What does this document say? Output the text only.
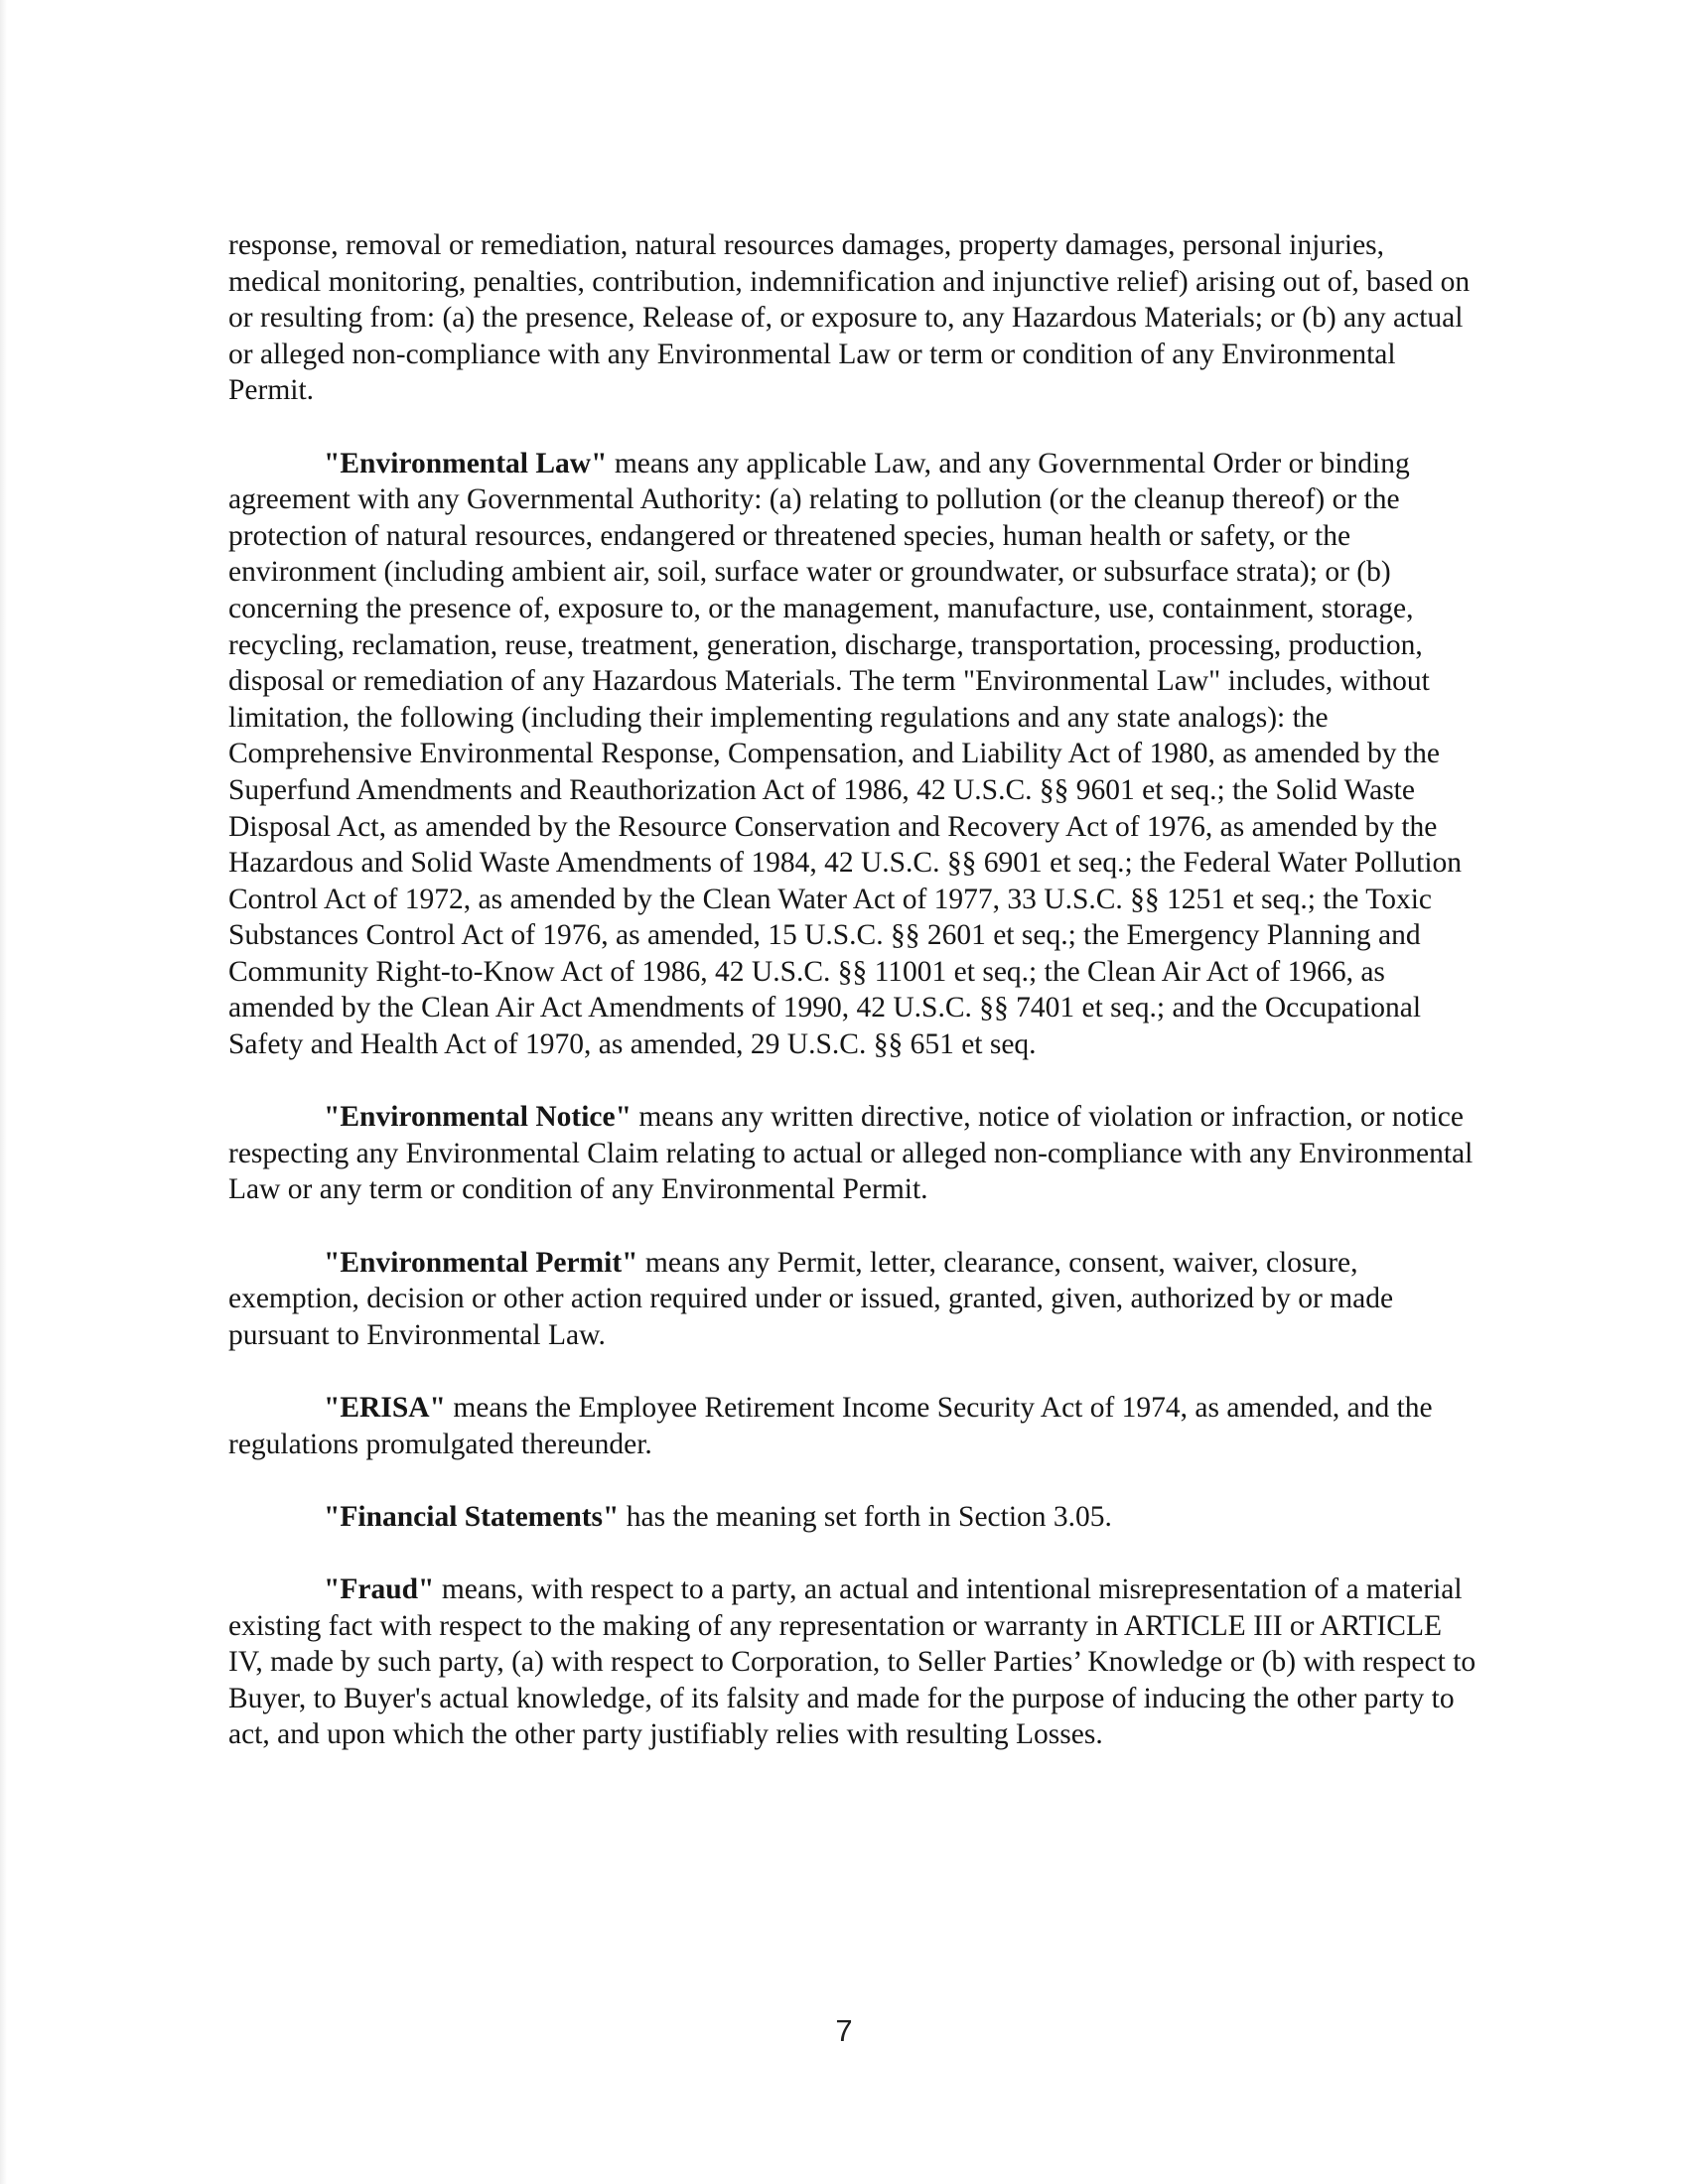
response, removal or remediation, natural resources damages, property damages, personal injuries, medical monitoring, penalties, contribution, indemnification and injunctive relief) arising out of, based on or resulting from: (a) the presence, Release of, or exposure to, any Hazardous Materials; or (b) any actual or alleged non-compliance with any Environmental Law or term or condition of any Environmental Permit.

"Environmental Law" means any applicable Law, and any Governmental Order or binding agreement with any Governmental Authority: (a) relating to pollution (or the cleanup thereof) or the protection of natural resources, endangered or threatened species, human health or safety, or the environment (including ambient air, soil, surface water or groundwater, or subsurface strata); or (b) concerning the presence of, exposure to, or the management, manufacture, use, containment, storage, recycling, reclamation, reuse, treatment, generation, discharge, transportation, processing, production, disposal or remediation of any Hazardous Materials. The term "Environmental Law" includes, without limitation, the following (including their implementing regulations and any state analogs): the Comprehensive Environmental Response, Compensation, and Liability Act of 1980, as amended by the Superfund Amendments and Reauthorization Act of 1986, 42 U.S.C. §§ 9601 et seq.; the Solid Waste Disposal Act, as amended by the Resource Conservation and Recovery Act of 1976, as amended by the Hazardous and Solid Waste Amendments of 1984, 42 U.S.C. §§ 6901 et seq.; the Federal Water Pollution Control Act of 1972, as amended by the Clean Water Act of 1977, 33 U.S.C. §§ 1251 et seq.; the Toxic Substances Control Act of 1976, as amended, 15 U.S.C. §§ 2601 et seq.; the Emergency Planning and Community Right-to-Know Act of 1986, 42 U.S.C. §§ 11001 et seq.; the Clean Air Act of 1966, as amended by the Clean Air Act Amendments of 1990, 42 U.S.C. §§ 7401 et seq.; and the Occupational Safety and Health Act of 1970, as amended, 29 U.S.C. §§ 651 et seq.

"Environmental Notice" means any written directive, notice of violation or infraction, or notice respecting any Environmental Claim relating to actual or alleged non-compliance with any Environmental Law or any term or condition of any Environmental Permit.

"Environmental Permit" means any Permit, letter, clearance, consent, waiver, closure, exemption, decision or other action required under or issued, granted, given, authorized by or made pursuant to Environmental Law.

"ERISA" means the Employee Retirement Income Security Act of 1974, as amended, and the regulations promulgated thereunder.

"Financial Statements" has the meaning set forth in Section 3.05.

"Fraud" means, with respect to a party, an actual and intentional misrepresentation of a material existing fact with respect to the making of any representation or warranty in ARTICLE III or ARTICLE IV, made by such party, (a) with respect to Corporation, to Seller Parties’ Knowledge or (b) with respect to Buyer, to Buyer's actual knowledge, of its falsity and made for the purpose of inducing the other party to act, and upon which the other party justifiably relies with resulting Losses.

7
